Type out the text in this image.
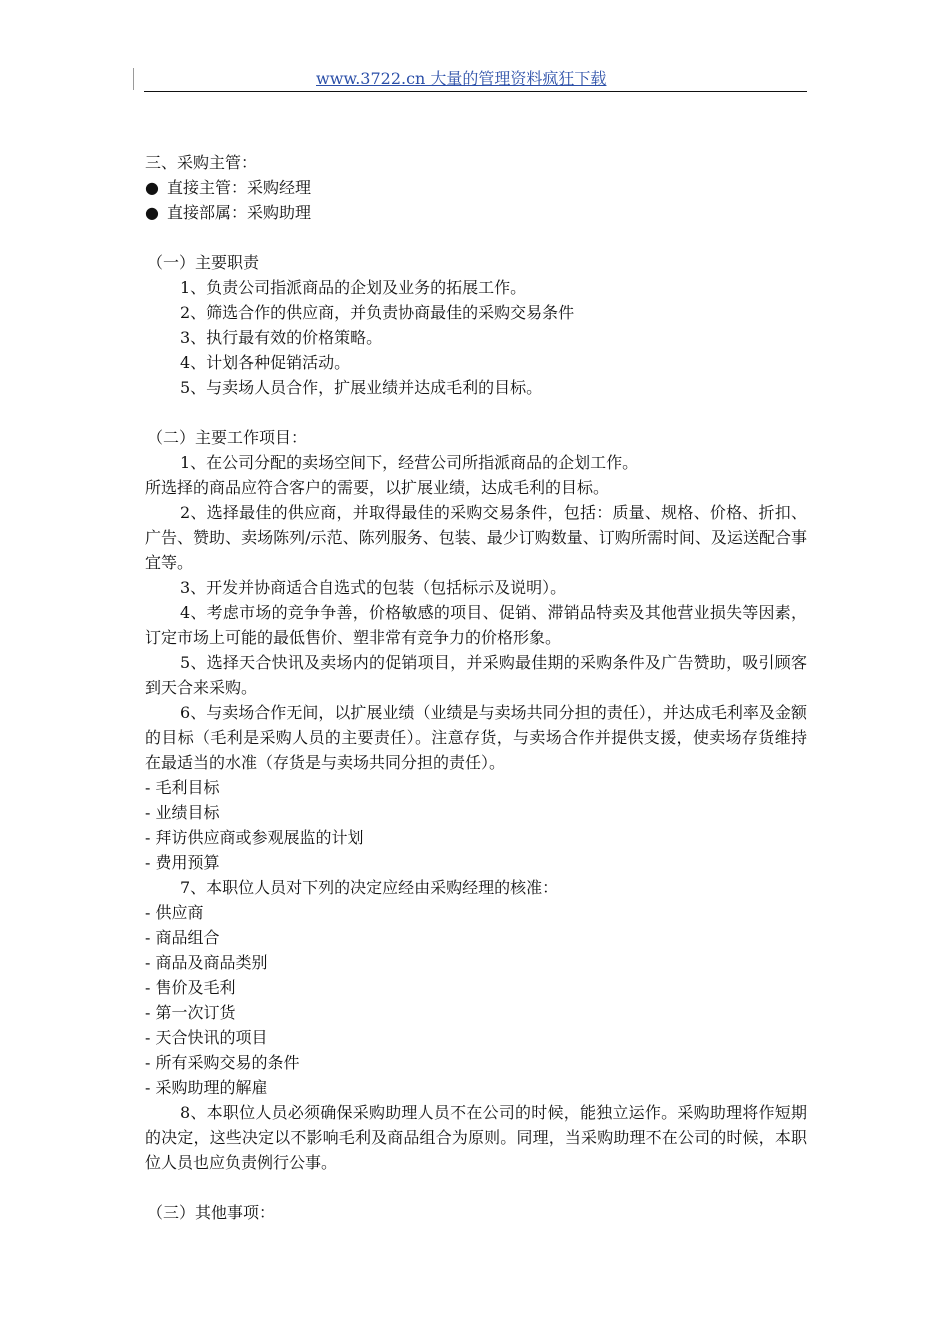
www.3722.cn 大量的管理资料疯狂下载
三、采购主管：
● 直接主管：采购经理
● 直接部属：采购助理
（一）主要职责
1、负责公司指派商品的企划及业务的拓展工作。
2、筛选合作的供应商，并负责协商最佳的采购交易条件
3、执行最有效的价格策略。
4、计划各种促销活动。
5、与卖场人员合作，扩展业绩并达成毛利的目标。
（二）主要工作项目：
1、在公司分配的卖场空间下，经营公司所指派商品的企划工作。
所选择的商品应符合客户的需要，以扩展业绩，达成毛利的目标。
2、选择最佳的供应商，并取得最佳的采购交易条件，包括：质量、规格、价格、折扣、广告、赞助、卖场陈列/示范、陈列服务、包装、最少订购数量、订购所需时间、及运送配合事宜等。
3、开发并协商适合自选式的包装（包括标示及说明）。
4、考虑市场的竞争争善，价格敏感的项目、促销、滞销品特卖及其他营业损失等因素，订定市场上可能的最低售价、塑非常有竞争力的价格形象。
5、选择天合快讯及卖场内的促销项目，并采购最佳期的采购条件及广告赞助，吸引顾客到天合来采购。
6、与卖场合作无间，以扩展业绩（业绩是与卖场共同分担的责任），并达成毛利率及金额的目标（毛利是采购人员的主要责任）。注意存货，与卖场合作并提供支援，使卖场存货维持在最适当的水准（存货是与卖场共同分担的责任）。
- 毛利目标
- 业绩目标
- 拜访供应商或参观展监的计划
- 费用预算
7、本职位人员对下列的决定应经由采购经理的核准：
- 供应商
- 商品组合
- 商品及商品类别
- 售价及毛利
- 第一次订货
- 天合快讯的项目
- 所有采购交易的条件
- 采购助理的解雇
8、本职位人员必须确保采购助理人员不在公司的时候，能独立运作。采购助理将作短期的决定，这些决定以不影响毛利及商品组合为原则。同理，当采购助理不在公司的时候，本职位人员也应负责例行公事。
（三）其他事项：
